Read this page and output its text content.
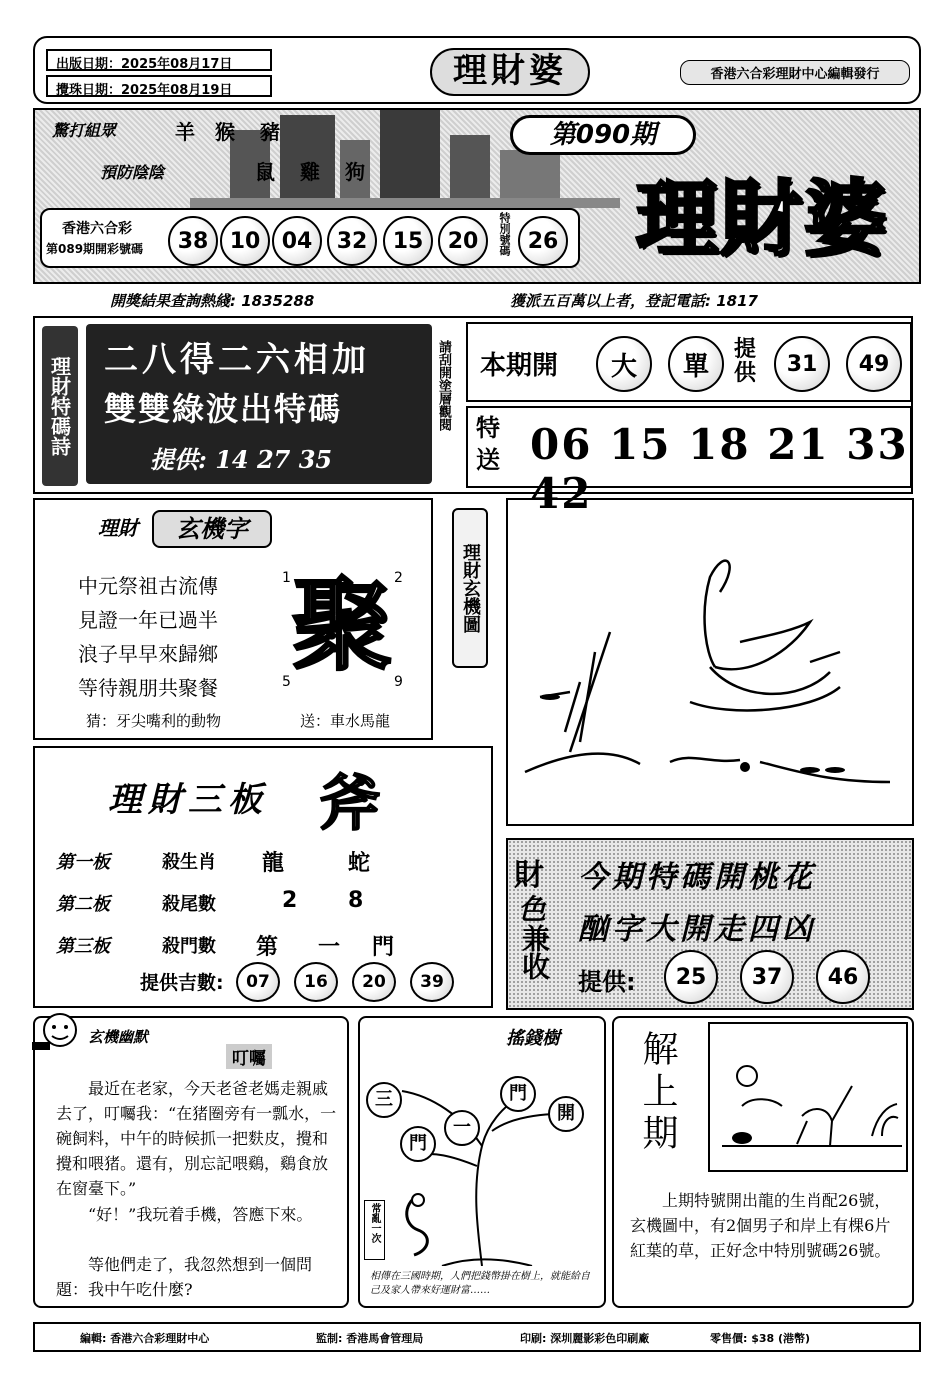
出版日期：2025年08月17日
攪珠日期：2025年08月19日	理財婆	香港六合彩理財中心編輯發行
驚打組眾	羊 猴 豬
預防陰陰	鼠 雞 狗
第090期
理財婆
香港六合彩
第089期開彩號碼	38 10 04	32	15	20	特別號碼 26
開獎結果查詢熱綫: 1835288	獲派五百萬以上者，登記電話: 1817
理財特碼詩 二八得二六相加
雙雙綠波出特碼
提供: 14 27 35
請刮開塗層觀閱 本期開	大	單
提供	31	49
特送 06 15 18 21 33 42
理財	玄機字
中元祭祖古流傳
見證一年已過半
浪子早早來歸鄉
等待親朋共聚餐
聚
1	2
5	9
猜：牙尖嘴利的動物	送：車水馬龍
理財玄機圖
理財三板 斧
第一板	殺生肖 龍	蛇
第二板	殺尾數	2 8
第三板	殺門數 第 一 門
提供吉數:	07	16	20	39
財
色
兼收
今期特碼開桃花
酗字大開走四凶
提供:	25	37	46
玄機幽默
叮囑
最近在老家，今天老爸老媽走親戚去了，叮囑我：“在猪圈旁有一瓢水，一碗飼料，中午的時候抓一把麩皮，攪和攪和喂猪。還有，別忘記喂鷄，鷄食放在窗臺下。”
“好！”我玩着手機，答應下來。
等他們走了，我忽然想到一個問題：我中午吃什麼?
搖錢樹
三	門
開
一
門
常亂一次
相傳在三國時期，人們把錢幣掛在樹上，就能給自己及家人帶來好運財富……
解上期
上期特號開出龍的生肖配26號，玄機圖中，有2個男子和岸上有棵6片紅葉的草，正好念中特別號碼26號。
編輯: 香港六合彩理財中心	監制: 香港馬會管理局	印刷: 深圳麗影彩色印刷廠	零售價: $38 (港幣)
